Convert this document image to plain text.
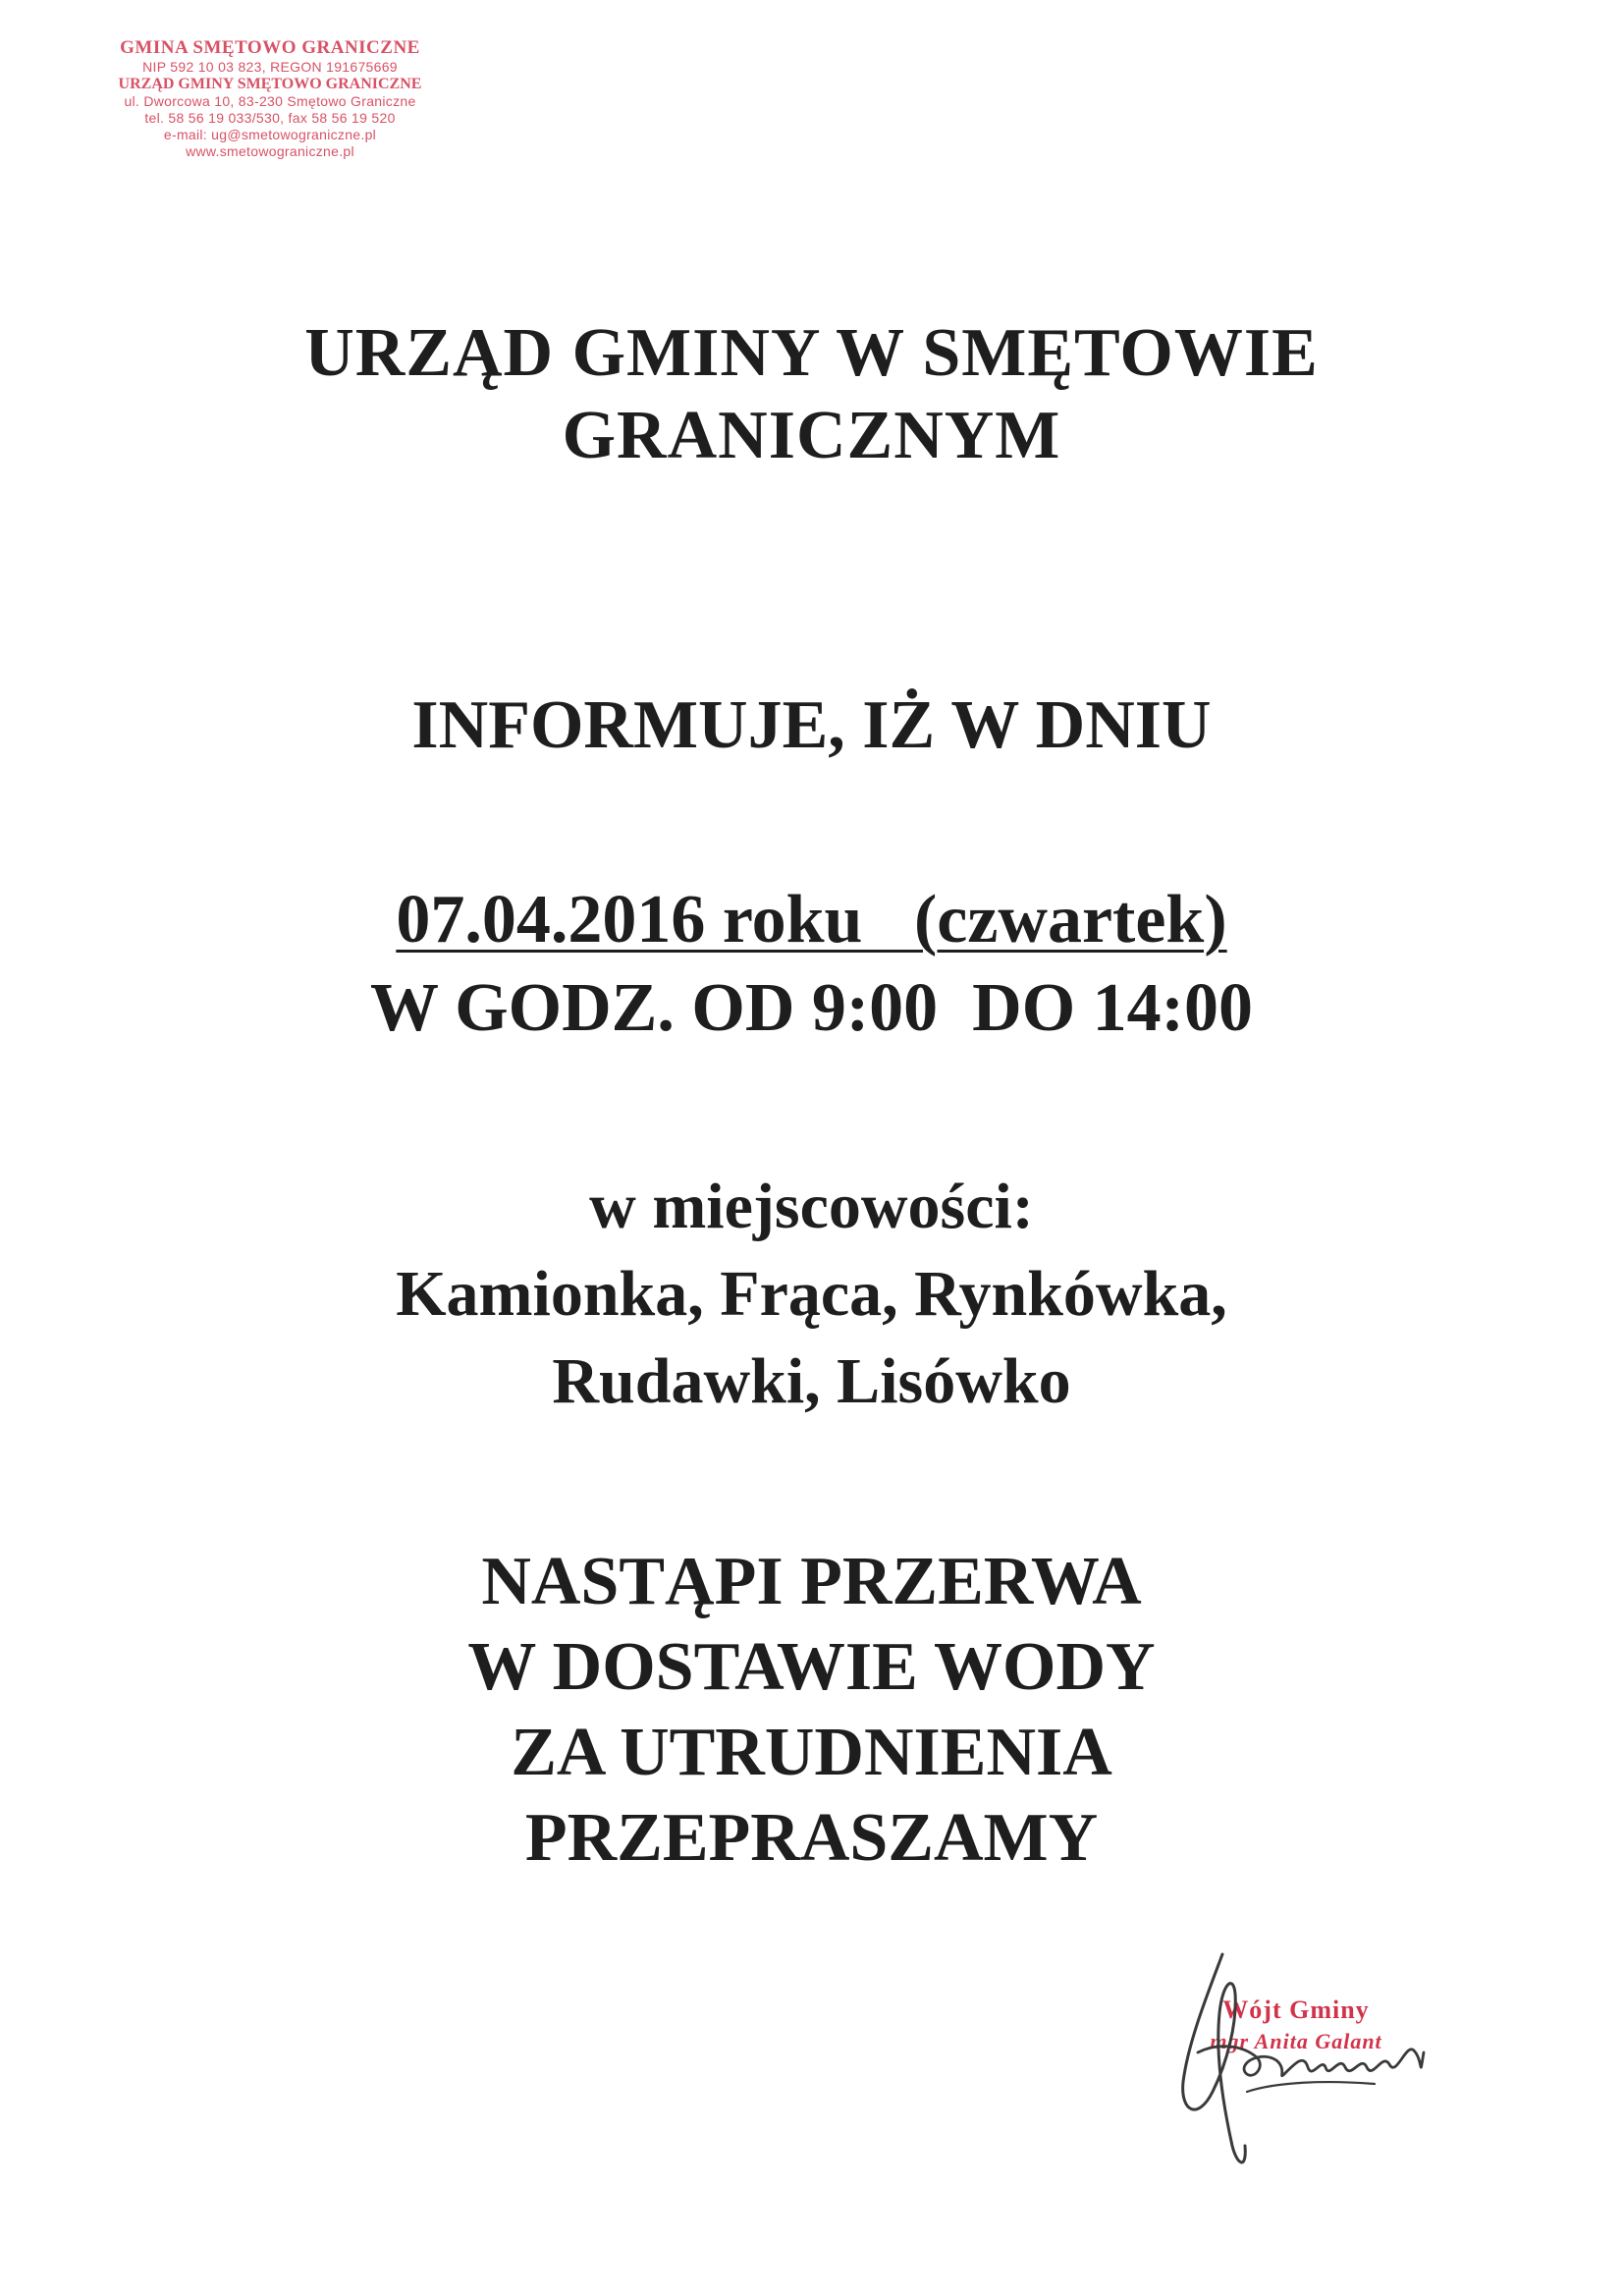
GMINA SMĘTOWO GRANICZNE
NIP 592 10 03 823, REGON 191675669
URZĄD GMINY SMĘTOWO GRANICZNE
ul. Dworcowa 10, 83-230 Smętowo Graniczne
tel. 58 56 19 033/530, fax 58 56 19 520
e-mail: ug@smetowograniczne.pl
www.smetowograniczne.pl
URZĄD GMINY W SMĘTOWIE
GRANICZNYM
INFORMUJE, IŻ W DNIU
07.04.2016 roku   (czwartek)
W GODZ. OD 9:00  DO 14:00
w miejscowości:
Kamionka, Frąca, Rynkówka,
Rudawki, Lisówko
NASTĄPI PRZERWA
W DOSTAWIE WODY
ZA UTRUDNIENIA
PRZEPRASZAMY
Wójt Gminy
mgr Anita Galant
